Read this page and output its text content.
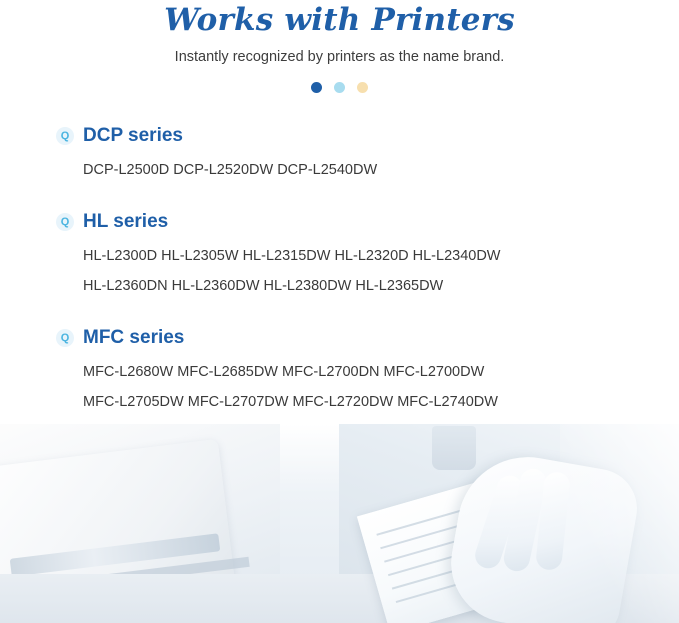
Works with Printers

Instantly recognized by printers as the name brand.

Q DCP series
DCP-L2500D DCP-L2520DW DCP-L2540DW
Q HL series
HL-L2300D HL-L2305W HL-L2315DW HL-L2320D HL-L2340DW
HL-L2360DN HL-L2360DW HL-L2380DW HL-L2365DW
Q MFC series
MFC-L2680W MFC-L2685DW MFC-L2700DN MFC-L2700DW
MFC-L2705DW MFC-L2707DW MFC-L2720DW MFC-L2740DW
